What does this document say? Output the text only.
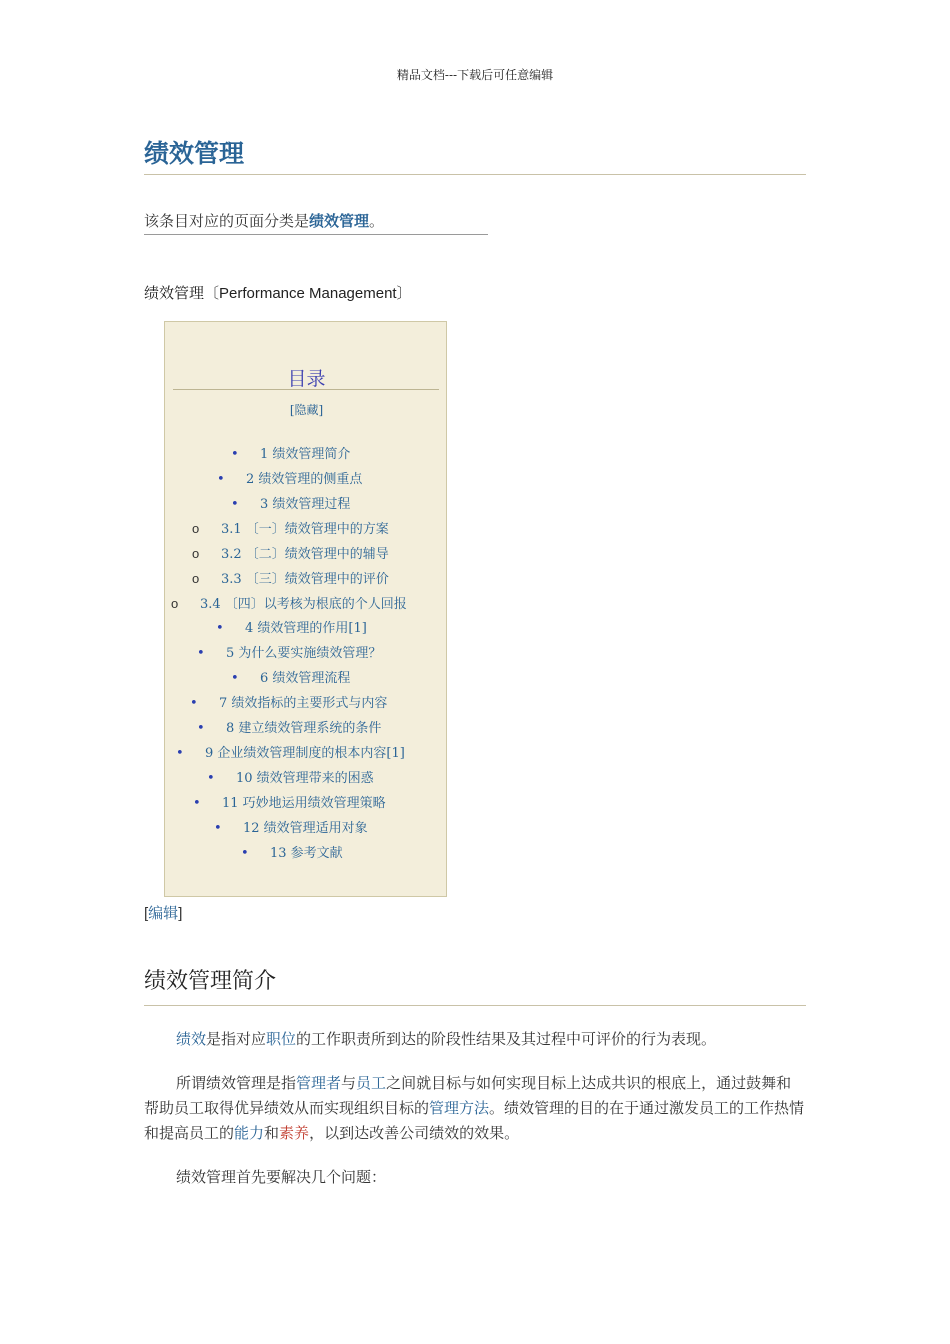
精品文档---下载后可任意编辑
绩效管理
该条目对应的页面分类是绩效管理。
绩效管理〔Performance Management〕
目录
[隐藏]
• 1 绩效管理简介
• 2 绩效管理的侧重点
• 3 绩效管理过程
o 3.1 〔一〕绩效管理中的方案
o 3.2 〔二〕绩效管理中的辅导
o 3.3 〔三〕绩效管理中的评价
o 3.4 〔四〕以考核为根底的个人回报
• 4 绩效管理的作用[1]
• 5 为什么要实施绩效管理？
• 6 绩效管理流程
• 7 绩效指标的主要形式与内容
• 8 建立绩效管理系统的条件
• 9 企业绩效管理制度的根本内容[1]
• 10 绩效管理带来的困惑
• 11 巧妙地运用绩效管理策略
• 12 绩效管理适用对象
• 13 参考文献
[编辑]
绩效管理简介
绩效是指对应职位的工作职责所到达的阶段性结果及其过程中可评价的行为表现。
所谓绩效管理是指管理者与员工之间就目标与如何实现目标上达成共识的根底上，通过鼓舞和帮助员工取得优异绩效从而实现组织目标的管理方法。绩效管理的目的在于通过激发员工的工作热情和提高员工的能力和素养，以到达改善公司绩效的效果。
绩效管理首先要解决几个问题：
